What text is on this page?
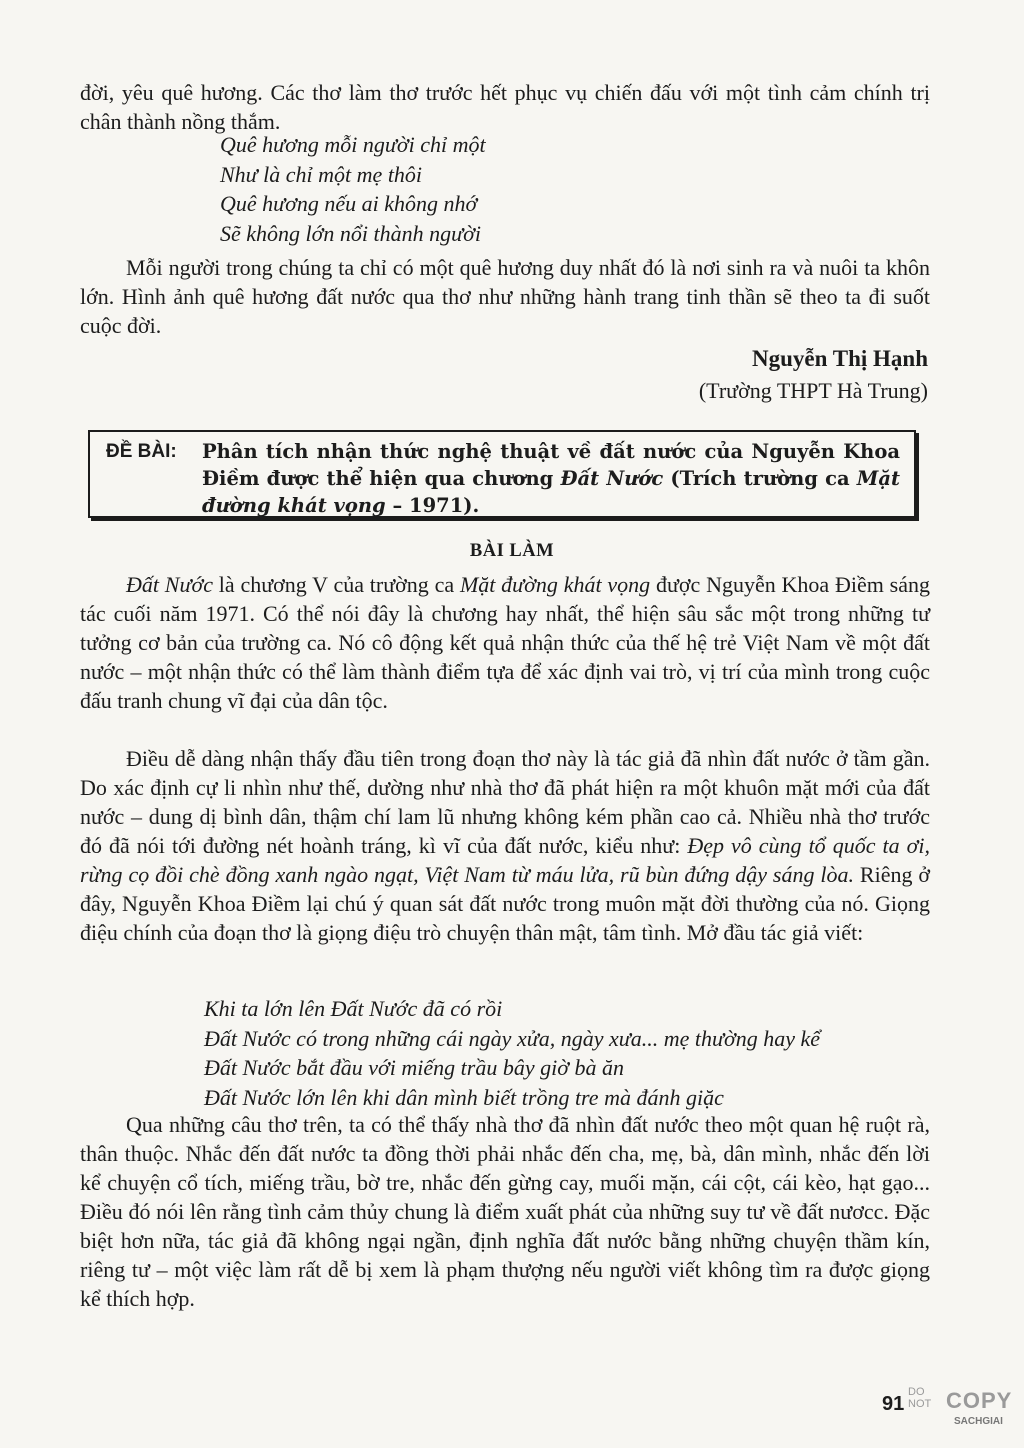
đời, yêu quê hương. Các thơ làm thơ trước hết phục vụ chiến đấu với một tình cảm chính trị chân thành nồng thắm.

Quê hương mỗi người chỉ một
Như là chỉ một mẹ thôi
Quê hương nếu ai không nhớ
Sẽ không lớn nổi thành người

Mỗi người trong chúng ta chỉ có một quê hương duy nhất đó là nơi sinh ra và nuôi ta khôn lớn. Hình ảnh quê hương đất nước qua thơ như những hành trang tinh thần sẽ theo ta đi suốt cuộc đời.

Nguyễn Thị Hạnh

(Trường THPT Hà Trung)

ĐỀ BÀI:	Phân tích nhận thức nghệ thuật về đất nước của Nguyễn Khoa Điềm được thể hiện qua chương Đất Nước (Trích trường ca Mặt đường khát vọng – 1971).

BÀI LÀM

Đất Nước là chương V của trường ca Mặt đường khát vọng được Nguyễn Khoa Điềm sáng tác cuối năm 1971. Có thể nói đây là chương hay nhất, thể hiện sâu sắc một trong những tư tưởng cơ bản của trường ca. Nó cô động kết quả nhận thức của thế hệ trẻ Việt Nam về một đất nước – một nhận thức có thể làm thành điểm tựa để xác định vai trò, vị trí của mình trong cuộc đấu tranh chung vĩ đại của dân tộc.

Điều dễ dàng nhận thấy đầu tiên trong đoạn thơ này là tác giả đã nhìn đất nước ở tầm gần. Do xác định cự li nhìn như thế, dường như nhà thơ đã phát hiện ra một khuôn mặt mới của đất nước – dung dị bình dân, thậm chí lam lũ nhưng không kém phần cao cả. Nhiều nhà thơ trước đó đã nói tới đường nét hoành tráng, kì vĩ của đất nước, kiểu như: Đẹp vô cùng tổ quốc ta ơi, rừng cọ đồi chè đồng xanh ngào ngạt, Việt Nam từ máu lửa, rũ bùn đứng dậy sáng lòa. Riêng ở đây, Nguyễn Khoa Điềm lại chú ý quan sát đất nước trong muôn mặt đời thường của nó. Giọng điệu chính của đoạn thơ là giọng điệu trò chuyện thân mật, tâm tình. Mở đầu tác giả viết:

Khi ta lớn lên Đất Nước đã có rồi
Đất Nước có trong những cái ngày xửa, ngày xưa... mẹ thường hay kể
Đất Nước bắt đầu với miếng trầu bây giờ bà ăn
Đất Nước lớn lên khi dân mình biết trồng tre mà đánh giặc

Qua những câu thơ trên, ta có thể thấy nhà thơ đã nhìn đất nước theo một quan hệ ruột rà, thân thuộc. Nhắc đến đất nước ta đồng thời phải nhắc đến cha, mẹ, bà, dân mình, nhắc đến lời kể chuyện cổ tích, miếng trầu, bờ tre, nhắc đến gừng cay, muối mặn, cái cột, cái kèo, hạt gạo... Điều đó nói lên rằng tình cảm thủy chung là điểm xuất phát của những suy tư về đất nươcc. Đặc biệt hơn nữa, tác giả đã không ngại ngần, định nghĩa đất nước bằng những chuyện thầm kín, riêng tư – một việc làm rất dễ bị xem là phạm thượng nếu người viết không tìm ra được giọng kể thích hợp.

91

DO NOT COPY
SACHGIAI
